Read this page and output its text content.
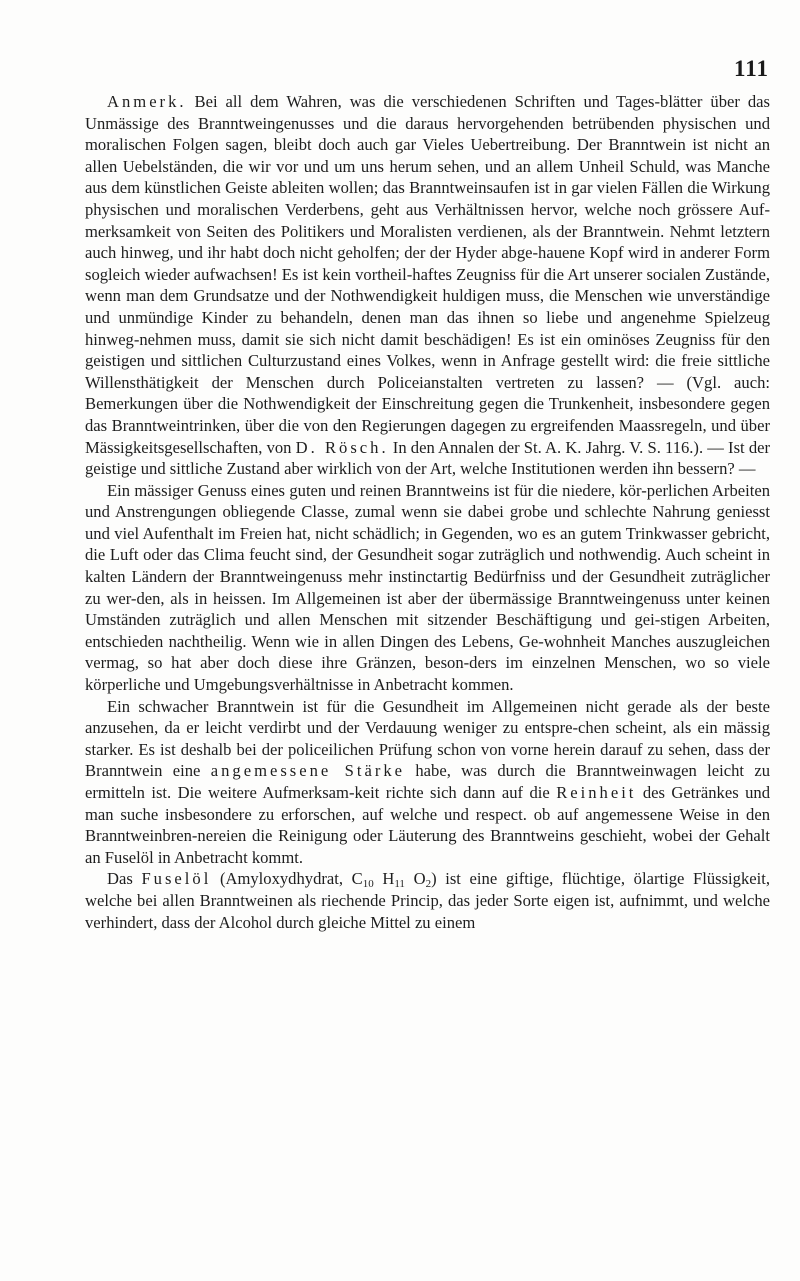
111

Anmerk. Bei all dem Wahren, was die verschiedenen Schriften und Tages-blätter über das Unmässige des Branntweingenusses und die daraus hervorgehenden betrübenden physischen und moralischen Folgen sagen, bleibt doch auch gar Vieles Uebertreibung. Der Branntwein ist nicht an allen Uebelständen, die wir vor und um uns herum sehen, und an allem Unheil Schuld, was Manche aus dem künstlichen Geiste ableiten wollen; das Branntweinsaufen ist in gar vielen Fällen die Wirkung physischen und moralischen Verderbens, geht aus Verhältnissen hervor, welche noch grössere Auf-merksamkeit von Seiten des Politikers und Moralisten verdienen, als der Branntwein. Nehmt letztern auch hinweg, und ihr habt doch nicht geholfen; der der Hyder abge-hauene Kopf wird in anderer Form sogleich wieder aufwachsen! Es ist kein vortheil-haftes Zeugniss für die Art unserer socialen Zustände, wenn man dem Grundsatze und der Nothwendigkeit huldigen muss, die Menschen wie unverständige und unmündige Kinder zu behandeln, denen man das ihnen so liebe und angenehme Spielzeug hinweg-nehmen muss, damit sie sich nicht damit beschädigen! Es ist ein ominöses Zeugniss für den geistigen und sittlichen Culturzustand eines Volkes, wenn in Anfrage gestellt wird: die freie sittliche Willensthätigkeit der Menschen durch Policeianstalten vertreten zu lassen? — (Vgl. auch: Bemerkungen über die Nothwendigkeit der Einschreitung gegen die Trunkenheit, insbesondere gegen das Branntweintrinken, über die von den Regierungen dagegen zu ergreifenden Maassregeln, und über Mässigkeitsgesellschaften, von D. Rösch. In den Annalen der St. A. K. Jahrg. V. S. 116.). — Ist der geistige und sittliche Zustand aber wirklich von der Art, welche Institutionen werden ihn bessern? —

Ein mässiger Genuss eines guten und reinen Branntweins ist für die niedere, kör-perlichen Arbeiten und Anstrengungen obliegende Classe, zumal wenn sie dabei grobe und schlechte Nahrung geniesst und viel Aufenthalt im Freien hat, nicht schädlich; in Gegenden, wo es an gutem Trinkwasser gebricht, die Luft oder das Clima feucht sind, der Gesundheit sogar zuträglich und nothwendig. Auch scheint in kalten Ländern der Branntweingenuss mehr instinctartig Bedürfniss und der Gesundheit zuträglicher zu wer-den, als in heissen. Im Allgemeinen ist aber der übermässige Branntweingenuss unter keinen Umständen zuträglich und allen Menschen mit sitzender Beschäftigung und gei-stigen Arbeiten, entschieden nachtheilig. Wenn wie in allen Dingen des Lebens, Ge-wohnheit Manches auszugleichen vermag, so hat aber doch diese ihre Gränzen, beson-ders im einzelnen Menschen, wo so viele körperliche und Umgebungsverhältnisse in Anbetracht kommen.

Ein schwacher Branntwein ist für die Gesundheit im Allgemeinen nicht gerade als der beste anzusehen, da er leicht verdirbt und der Verdauung weniger zu entspre-chen scheint, als ein mässig starker. Es ist deshalb bei der policeilichen Prüfung schon von vorne herein darauf zu sehen, dass der Branntwein eine angemessene Stärke habe, was durch die Branntweinwagen leicht zu ermitteln ist. Die weitere Aufmerksam-keit richte sich dann auf die Reinheit des Getränkes und man suche insbesondere zu erforschen, auf welche und respect. ob auf angemessene Weise in den Branntweinbren-nereien die Reinigung oder Läuterung des Branntweins geschieht, wobei der Gehalt an Fuselöl in Anbetracht kommt.

Das Fuselöl (Amyloxydhydrat, $C_{10}$ $H_{11}$ $O_2$) ist eine giftige, flüchtige, ölartige Flüssigkeit, welche bei allen Branntweinen als riechende Princip, das jeder Sorte eigen ist, aufnimmt, und welche verhindert, dass der Alcohol durch gleiche Mittel zu einem
